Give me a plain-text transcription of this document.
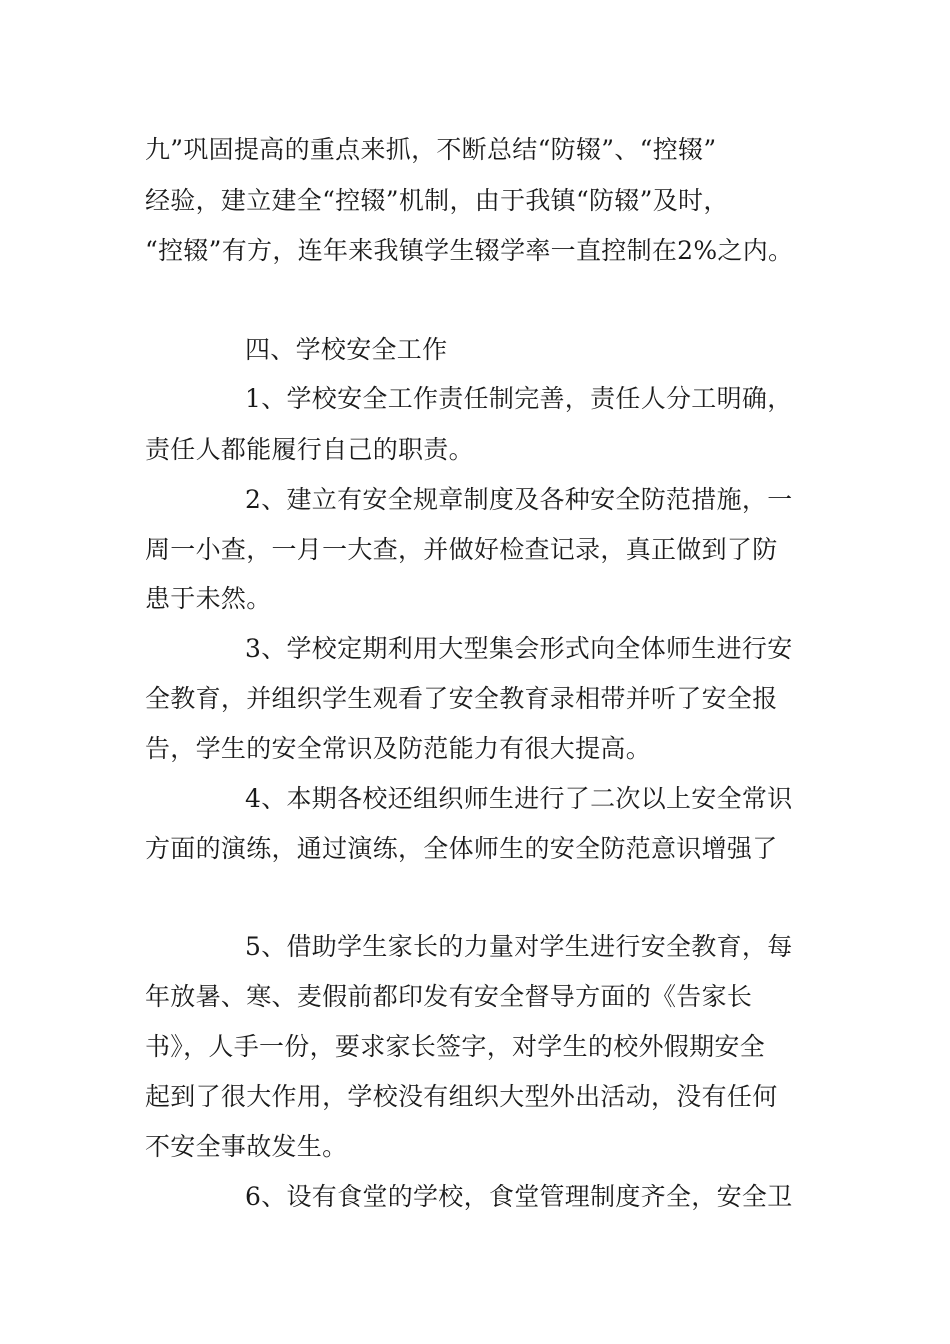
九”巩固提高的重点来抓，不断总结“防辍”、“控辍”
经验，建立建全“控辍”机制，由于我镇“防辍”及时，
“控辍”有方，连年来我镇学生辍学率一直控制在2%之内。
四、学校安全工作
1、学校安全工作责任制完善，责任人分工明确，
责任人都能履行自己的职责。
2、建立有安全规章制度及各种安全防范措施，一
周一小查，一月一大查，并做好检查记录，真正做到了防
患于未然。
3、学校定期利用大型集会形式向全体师生进行安
全教育，并组织学生观看了安全教育录相带并听了安全报
告，学生的安全常识及防范能力有很大提高。
4、本期各校还组织师生进行了二次以上安全常识
方面的演练，通过演练，全体师生的安全防范意识增强了
5、借助学生家长的力量对学生进行安全教育，每
年放暑、寒、麦假前都印发有安全督导方面的《告家长
书》，人手一份，要求家长签字，对学生的校外假期安全
起到了很大作用，学校没有组织大型外出活动，没有任何
不安全事故发生。
6、设有食堂的学校，食堂管理制度齐全，安全卫
